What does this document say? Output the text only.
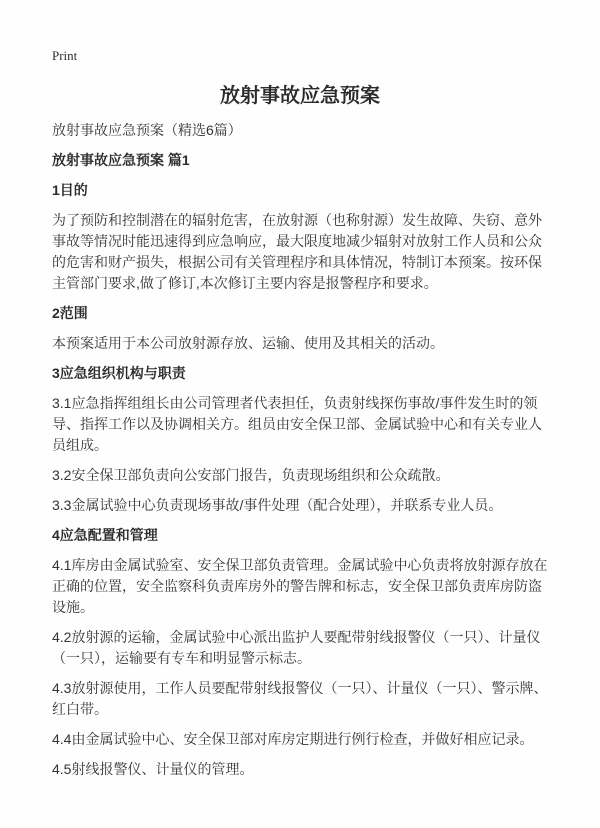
Print
放射事故应急预案

放射事故应急预案（精选6篇）

放射事故应急预案 篇1
1目的

为了预防和控制潜在的辐射危害，在放射源（也称射源）发生故障、失窃、意外事故等情况时能迅速得到应急响应，最大限度地减少辐射对放射工作人员和公众的危害和财产损失，根据公司有关管理程序和具体情况，特制订本预案。按环保主管部门要求,做了修订,本次修订主要内容是报警程序和要求。

2范围

本预案适用于本公司放射源存放、运输、使用及其相关的活动。

3应急组织机构与职责

3.1应急指挥组组长由公司管理者代表担任，负责射线探伤事故/事件发生时的领导、指挥工作以及协调相关方。组员由安全保卫部、金属试验中心和有关专业人员组成。

3.2安全保卫部负责向公安部门报告，负责现场组织和公众疏散。

3.3金属试验中心负责现场事故/事件处理（配合处理），并联系专业人员。

4应急配置和管理

4.1库房由金属试验室、安全保卫部负责管理。金属试验中心负责将放射源存放在正确的位置，安全监察科负责库房外的警告牌和标志，安全保卫部负责库房防盗设施。

4.2放射源的运输，金属试验中心派出监护人要配带射线报警仪（一只）、计量仪（一只），运输要有专车和明显警示标志。

4.3放射源使用，工作人员要配带射线报警仪（一只）、计量仪（一只）、警示牌、红白带。

4.4由金属试验中心、安全保卫部对库房定期进行例行检查，并做好相应记录。

4.5射线报警仪、计量仪的管理。
